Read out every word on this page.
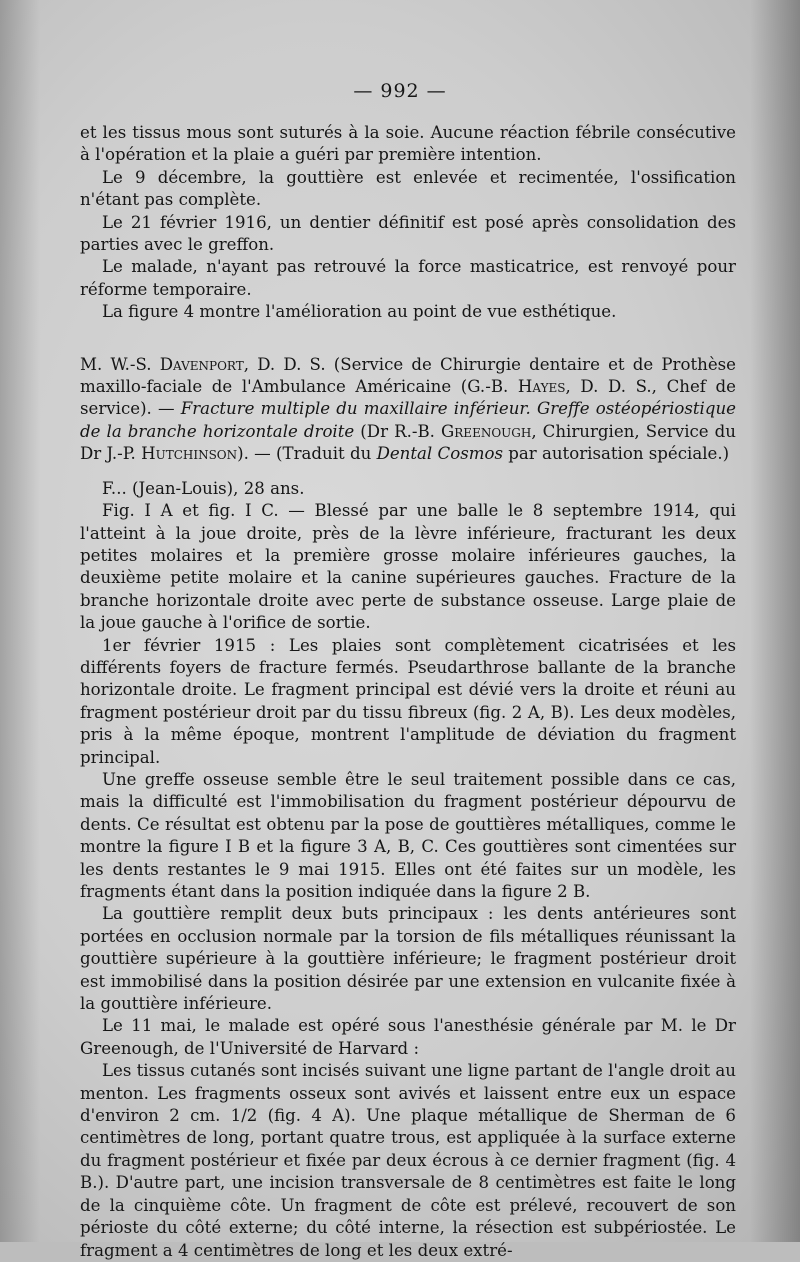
— 992 —

et les tissus mous sont suturés à la soie. Aucune réaction fébrile consécutive à l'opération et la plaie a guéri par première intention.

Le 9 décembre, la gouttière est enlevée et recimentée, l'ossification n'étant pas complète.

Le 21 février 1916, un dentier définitif est posé après consolidation des parties avec le greffon.

Le malade, n'ayant pas retrouvé la force masticatrice, est renvoyé pour réforme temporaire.

La figure 4 montre l'amélioration au point de vue esthétique.

M. W.-S. Davenport, D. D. S. (Service de Chirurgie dentaire et de Prothèse maxillo-faciale de l'Ambulance Américaine (G.-B. Hayes, D. D. S., Chef de service). — Fracture multiple du maxillaire inférieur. Greffe ostéopériostique de la branche horizontale droite (Dr R.-B. Greenough, Chirurgien, Service du Dr J.-P. Hutchinson). — (Traduit du Dental Cosmos par autorisation spéciale.)

F... (Jean-Louis), 28 ans.

Fig. I A et fig. I C. — Blessé par une balle le 8 septembre 1914, qui l'atteint à la joue droite, près de la lèvre inférieure, fracturant les deux petites molaires et la première grosse molaire inférieures gauches, la deuxième petite molaire et la canine supérieures gauches. Fracture de la branche horizontale droite avec perte de substance osseuse. Large plaie de la joue gauche à l'orifice de sortie.

1er février 1915 : Les plaies sont complètement cicatrisées et les différents foyers de fracture fermés. Pseudarthrose ballante de la branche horizontale droite. Le fragment principal est dévié vers la droite et réuni au fragment postérieur droit par du tissu fibreux (fig. 2 A, B). Les deux modèles, pris à la même époque, montrent l'amplitude de déviation du fragment principal.

Une greffe osseuse semble être le seul traitement possible dans ce cas, mais la difficulté est l'immobilisation du fragment postérieur dépourvu de dents. Ce résultat est obtenu par la pose de gouttières métalliques, comme le montre la figure I B et la figure 3 A, B, C. Ces gouttières sont cimentées sur les dents restantes le 9 mai 1915. Elles ont été faites sur un modèle, les fragments étant dans la position indiquée dans la figure 2 B.

La gouttière remplit deux buts principaux : les dents antérieures sont portées en occlusion normale par la torsion de fils métalliques réunissant la gouttière supérieure à la gouttière inférieure; le fragment postérieur droit est immobilisé dans la position désirée par une extension en vulcanite fixée à la gouttière inférieure.

Le 11 mai, le malade est opéré sous l'anesthésie générale par M. le Dr Greenough, de l'Université de Harvard :

Les tissus cutanés sont incisés suivant une ligne partant de l'angle droit au menton. Les fragments osseux sont avivés et laissent entre eux un espace d'environ 2 cm. 1/2 (fig. 4 A). Une plaque métallique de Sherman de 6 centimètres de long, portant quatre trous, est appliquée à la surface externe du fragment postérieur et fixée par deux écrous à ce dernier fragment (fig. 4 B.). D'autre part, une incision transversale de 8 centimètres est faite le long de la cinquième côte. Un fragment de côte est prélevé, recouvert de son périoste du côté externe; du côté interne, la résection est subpériostée. Le fragment a 4 centimètres de long et les deux extré-
